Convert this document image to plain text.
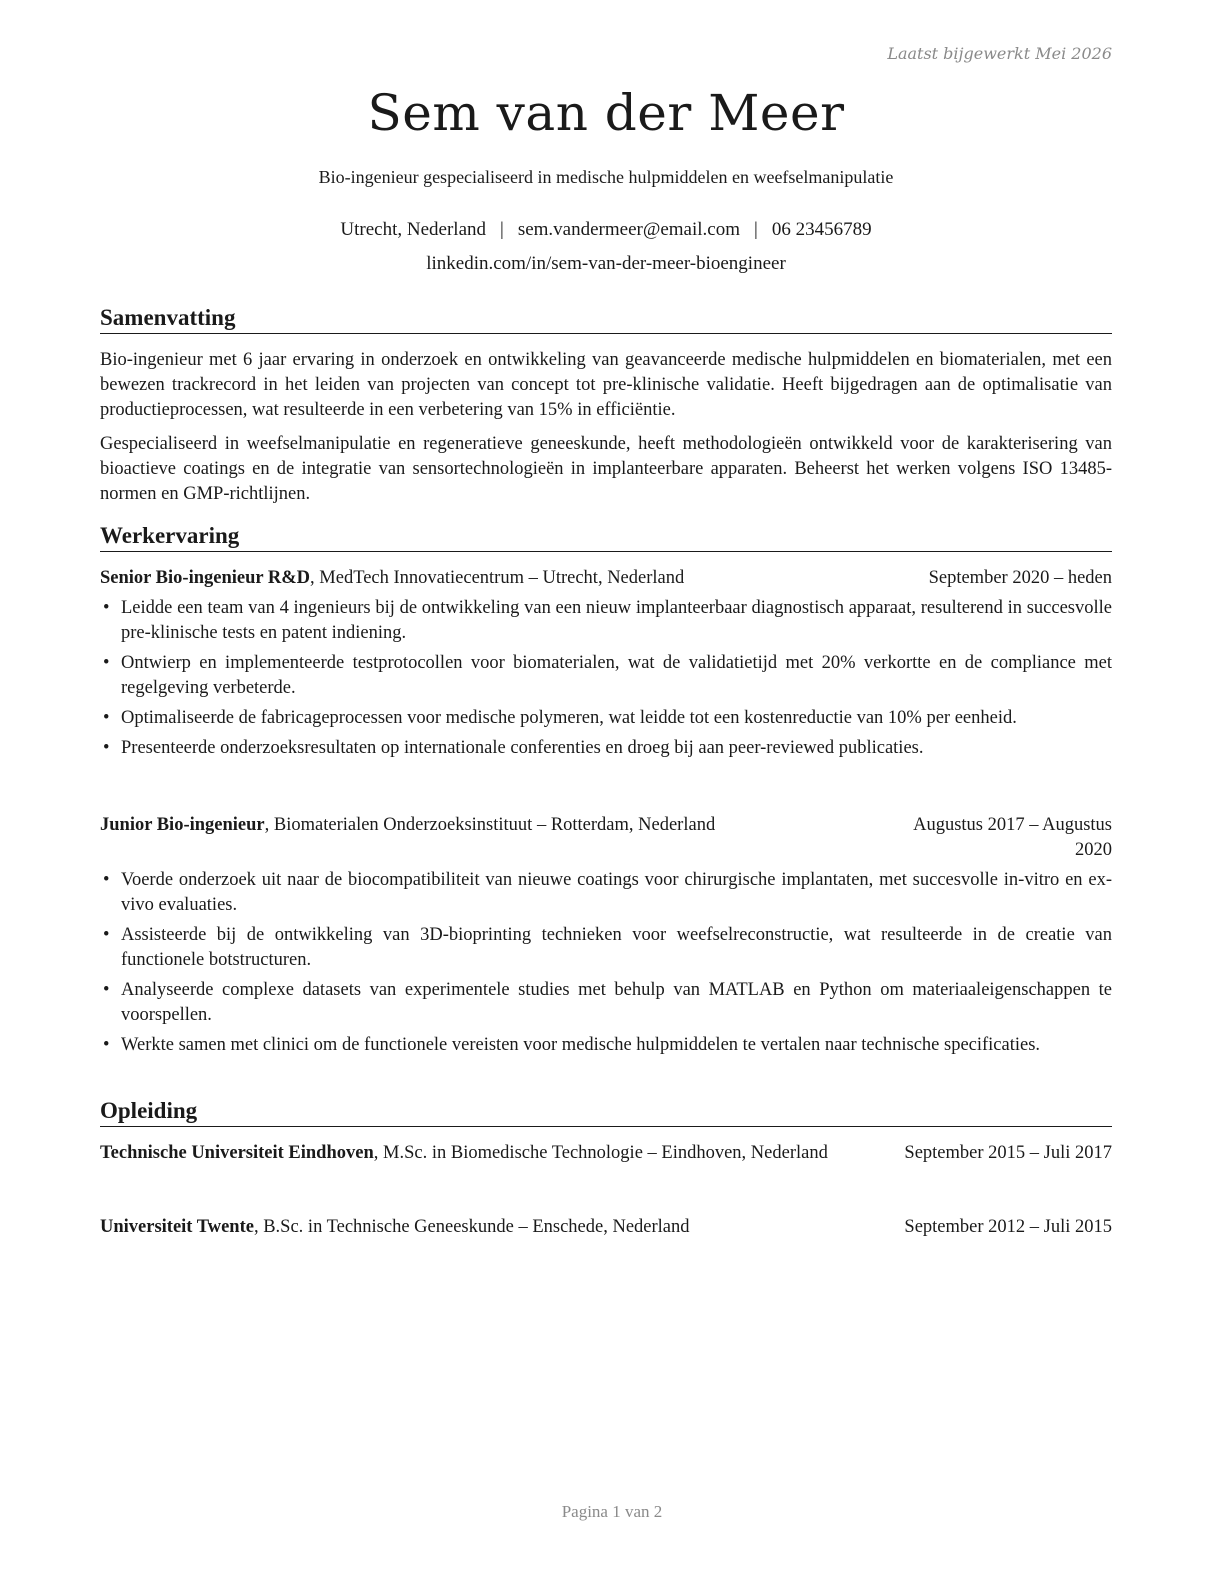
Laatst bijgewerkt Mei 2026
Sem van der Meer
Bio-ingenieur gespecialiseerd in medische hulpmiddelen en weefselmanipulatie
Utrecht, Nederland | sem.vandermeer@email.com | 06 23456789
linkedin.com/in/sem-van-der-meer-bioengineer
Samenvatting

Bio-ingenieur met 6 jaar ervaring in onderzoek en ontwikkeling van geavanceerde medische hulpmiddelen en biomaterialen, met een bewezen trackrecord in het leiden van projecten van concept tot pre-klinische validatie. Heeft bijgedragen aan de optimalisatie van productieprocessen, wat resulteerde in een verbetering van 15% in efficiëntie.

Gespecialiseerd in weefselmanipulatie en regeneratieve geneeskunde, heeft methodologieën ontwikkeld voor de karakterisering van bioactieve coatings en de integratie van sensortechnologieën in implanteerbare apparaten. Beheerst het werken volgens ISO 13485-normen en GMP-richtlijnen.

Werkervaring
Senior Bio-ingenieur R&D, MedTech Innovatiecentrum – Utrecht, Nederland	September 2020 – heden
• Leidde een team van 4 ingenieurs bij de ontwikkeling van een nieuw implanteerbaar diagnostisch apparaat, resulterend in succesvolle pre-klinische tests en patent indiening.
• Ontwierp en implementeerde testprotocollen voor biomaterialen, wat de validatietijd met 20% verkortte en de compliance met regelgeving verbeterde.
• Optimaliseerde de fabricageprocessen voor medische polymeren, wat leidde tot een kostenreductie van 10% per eenheid.
• Presenteerde onderzoeksresultaten op internationale conferenties en droeg bij aan peer-reviewed publicaties.
Junior Bio-ingenieur, Biomaterialen Onderzoeksinstituut – Rotterdam, Nederland	Augustus 2017 – Augustus 2020
• Voerde onderzoek uit naar de biocompatibiliteit van nieuwe coatings voor chirurgische implantaten, met succesvolle in-vitro en ex-vivo evaluaties.
• Assisteerde bij de ontwikkeling van 3D-bioprinting technieken voor weefselreconstructie, wat resulteerde in de creatie van functionele botstructuren.
• Analyseerde complexe datasets van experimentele studies met behulp van MATLAB en Python om materiaaleigenschappen te voorspellen.
• Werkte samen met clinici om de functionele vereisten voor medische hulpmiddelen te vertalen naar technische specificaties.
Opleiding
Technische Universiteit Eindhoven, M.Sc. in Biomedische Technologie – Eindhoven, Nederland	September 2015 – Juli 2017
Universiteit Twente, B.Sc. in Technische Geneeskunde – Enschede, Nederland	September 2012 – Juli 2015
Pagina 1 van 2
